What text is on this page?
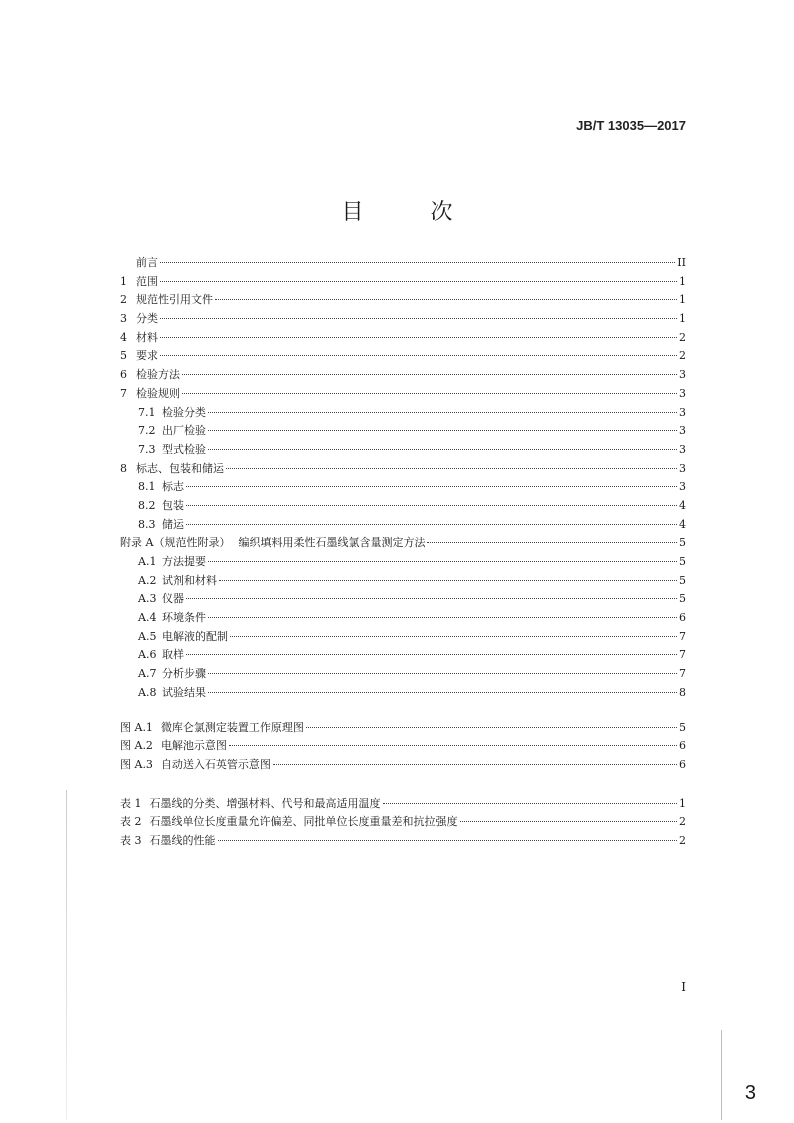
JB/T 13035—2017
目 次
前言	II
1 范围	1
2 规范性引用文件	1
3 分类	1
4 材料	2
5 要求	2
6 检验方法	3
7 检验规则	3
7.1 检验分类	3
7.2 出厂检验	3
7.3 型式检验	3
8 标志、包装和储运	3
8.1 标志	3
8.2 包装	4
8.3 储运	4
附录 A（规范性附录） 编织填料用柔性石墨线氯含量测定方法	5
A.1 方法提要	5
A.2 试剂和材料	5
A.3 仪器	5
A.4 环境条件	6
A.5 电解液的配制	7
A.6 取样	7
A.7 分析步骤	7
A.8 试验结果	8
图 A.1 微库仑氯测定装置工作原理图	5
图 A.2 电解池示意图	6
图 A.3 自动送入石英管示意图	6
表 1 石墨线的分类、增强材料、代号和最高适用温度	1
表 2 石墨线单位长度重量允许偏差、同批单位长度重量差和抗拉强度	2
表 3 石墨线的性能	2
I
3
